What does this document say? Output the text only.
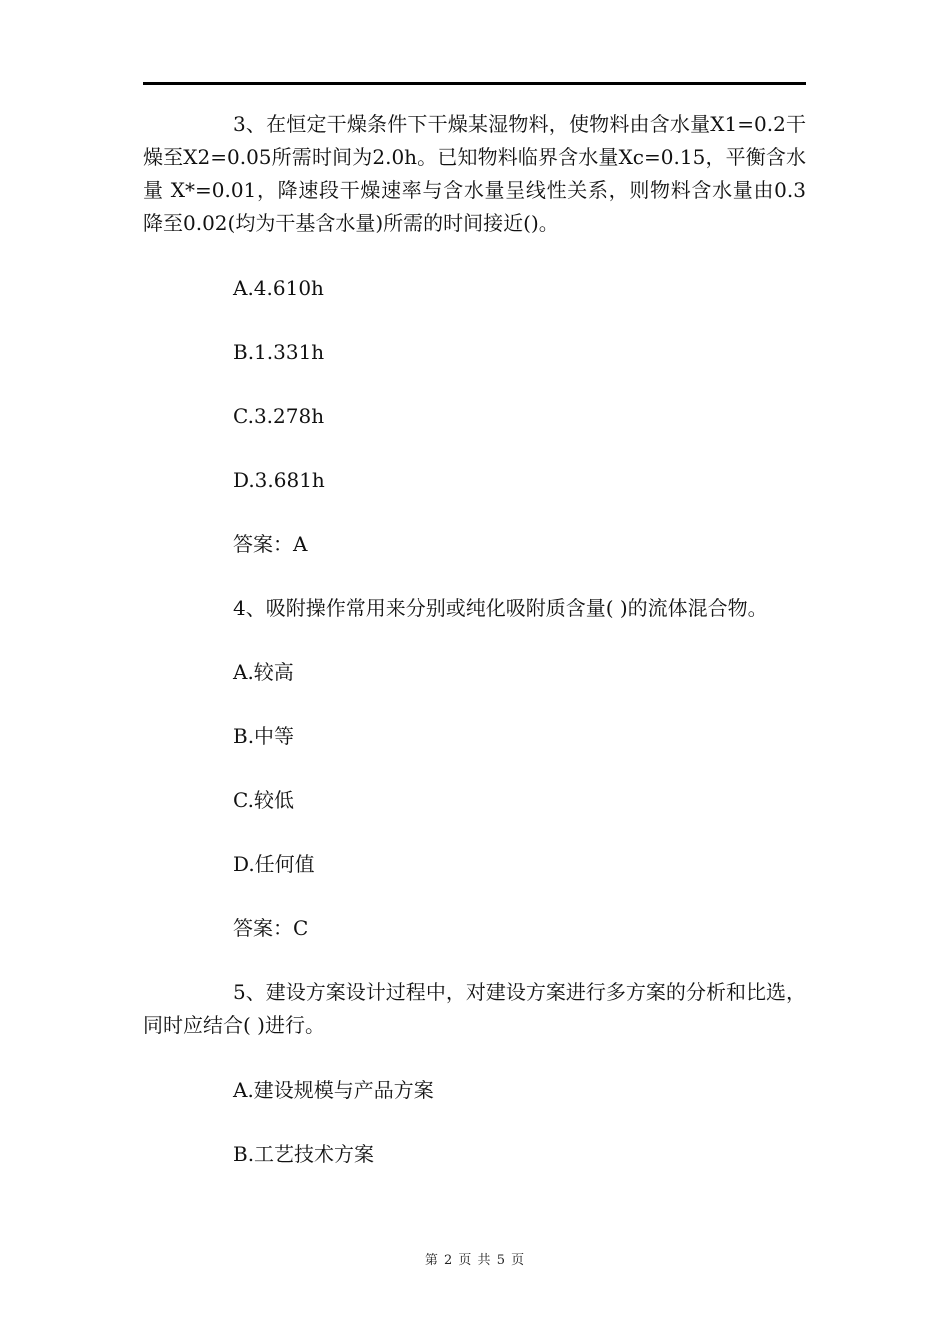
3、在恒定干燥条件下干燥某湿物料，使物料由含水量X1=0.2干燥至X2=0.05所需时间为2.0h。已知物料临界含水量Xc=0.15，平衡含水量 X*=0.01，降速段干燥速率与含水量呈线性关系，则物料含水量由0.3降至0.02(均为干基含水量)所需的时间接近()。

A.4.610h

B.1.331h

C.3.278h

D.3.681h

答案：A

4、吸附操作常用来分别或纯化吸附质含量( )的流体混合物。

A.较高

B.中等

C.较低

D.任何值

答案：C

5、建设方案设计过程中，对建设方案进行多方案的分析和比选，同时应结合( )进行。

A.建设规模与产品方案

B.工艺技术方案

第 2 页 共 5 页
